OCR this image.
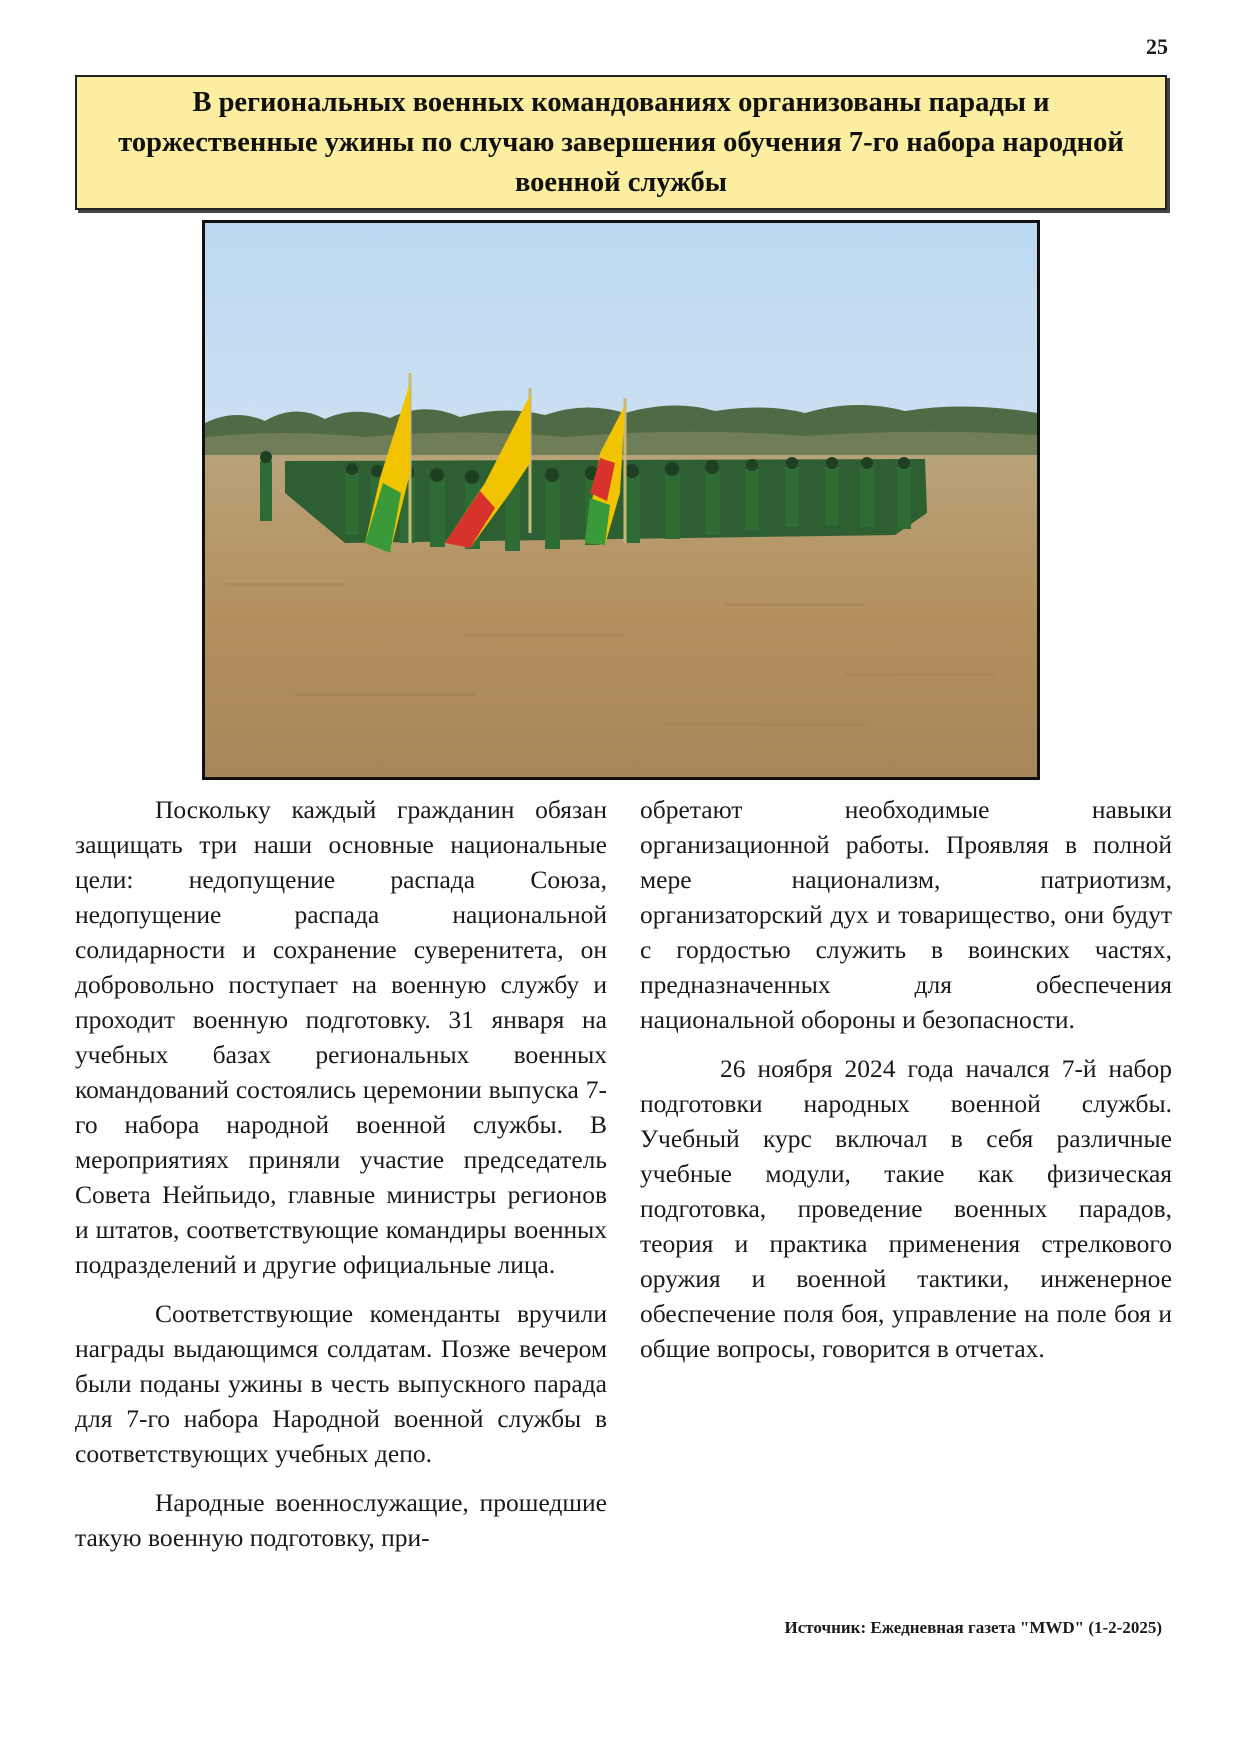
25
В региональных военных командованиях организованы парады и торжественные ужины по случаю завершения обучения 7-го набора народной военной службы

Поскольку каждый гражданин обязан защищать три наши основные национальные цели: недопущение распада Союза, недопущение распада национальной солидарности и сохранение суверенитета, он добровольно поступает на военную службу и проходит военную подготовку. 31 января на учебных базах региональных военных командований состоялись церемонии выпуска 7-го набора народной военной службы. В мероприятиях приняли участие председатель Совета Нейпьидо, главные министры регионов и штатов, соответствующие командиры военных подразделений и другие официальные лица.

Соответствующие коменданты вручили награды выдающимся солдатам. Позже вечером были поданы ужины в честь выпускного парада для 7-го набора Народной военной службы в соответствующих учебных депо.

Народные военнослужащие, прошедшие такую военную подготовку, при-

обретают необходимые навыки организационной работы. Проявляя в полной мере национализм, патриотизм, организаторский дух и товарищество, они будут с гордостью служить в воинских частях, предназначенных для обеспечения национальной обороны и безопасности.

26 ноября 2024 года начался 7-й набор подготовки народных военной службы. Учебный курс включал в себя различные учебные модули, такие как физическая подготовка, проведение военных парадов, теория и практика применения стрелкового оружия и военной тактики, инженерное обеспечение поля боя, управление на поле боя и общие вопросы, говорится в отчетах.

Источник: Ежедневная газета "MWD" (1-2-2025)
